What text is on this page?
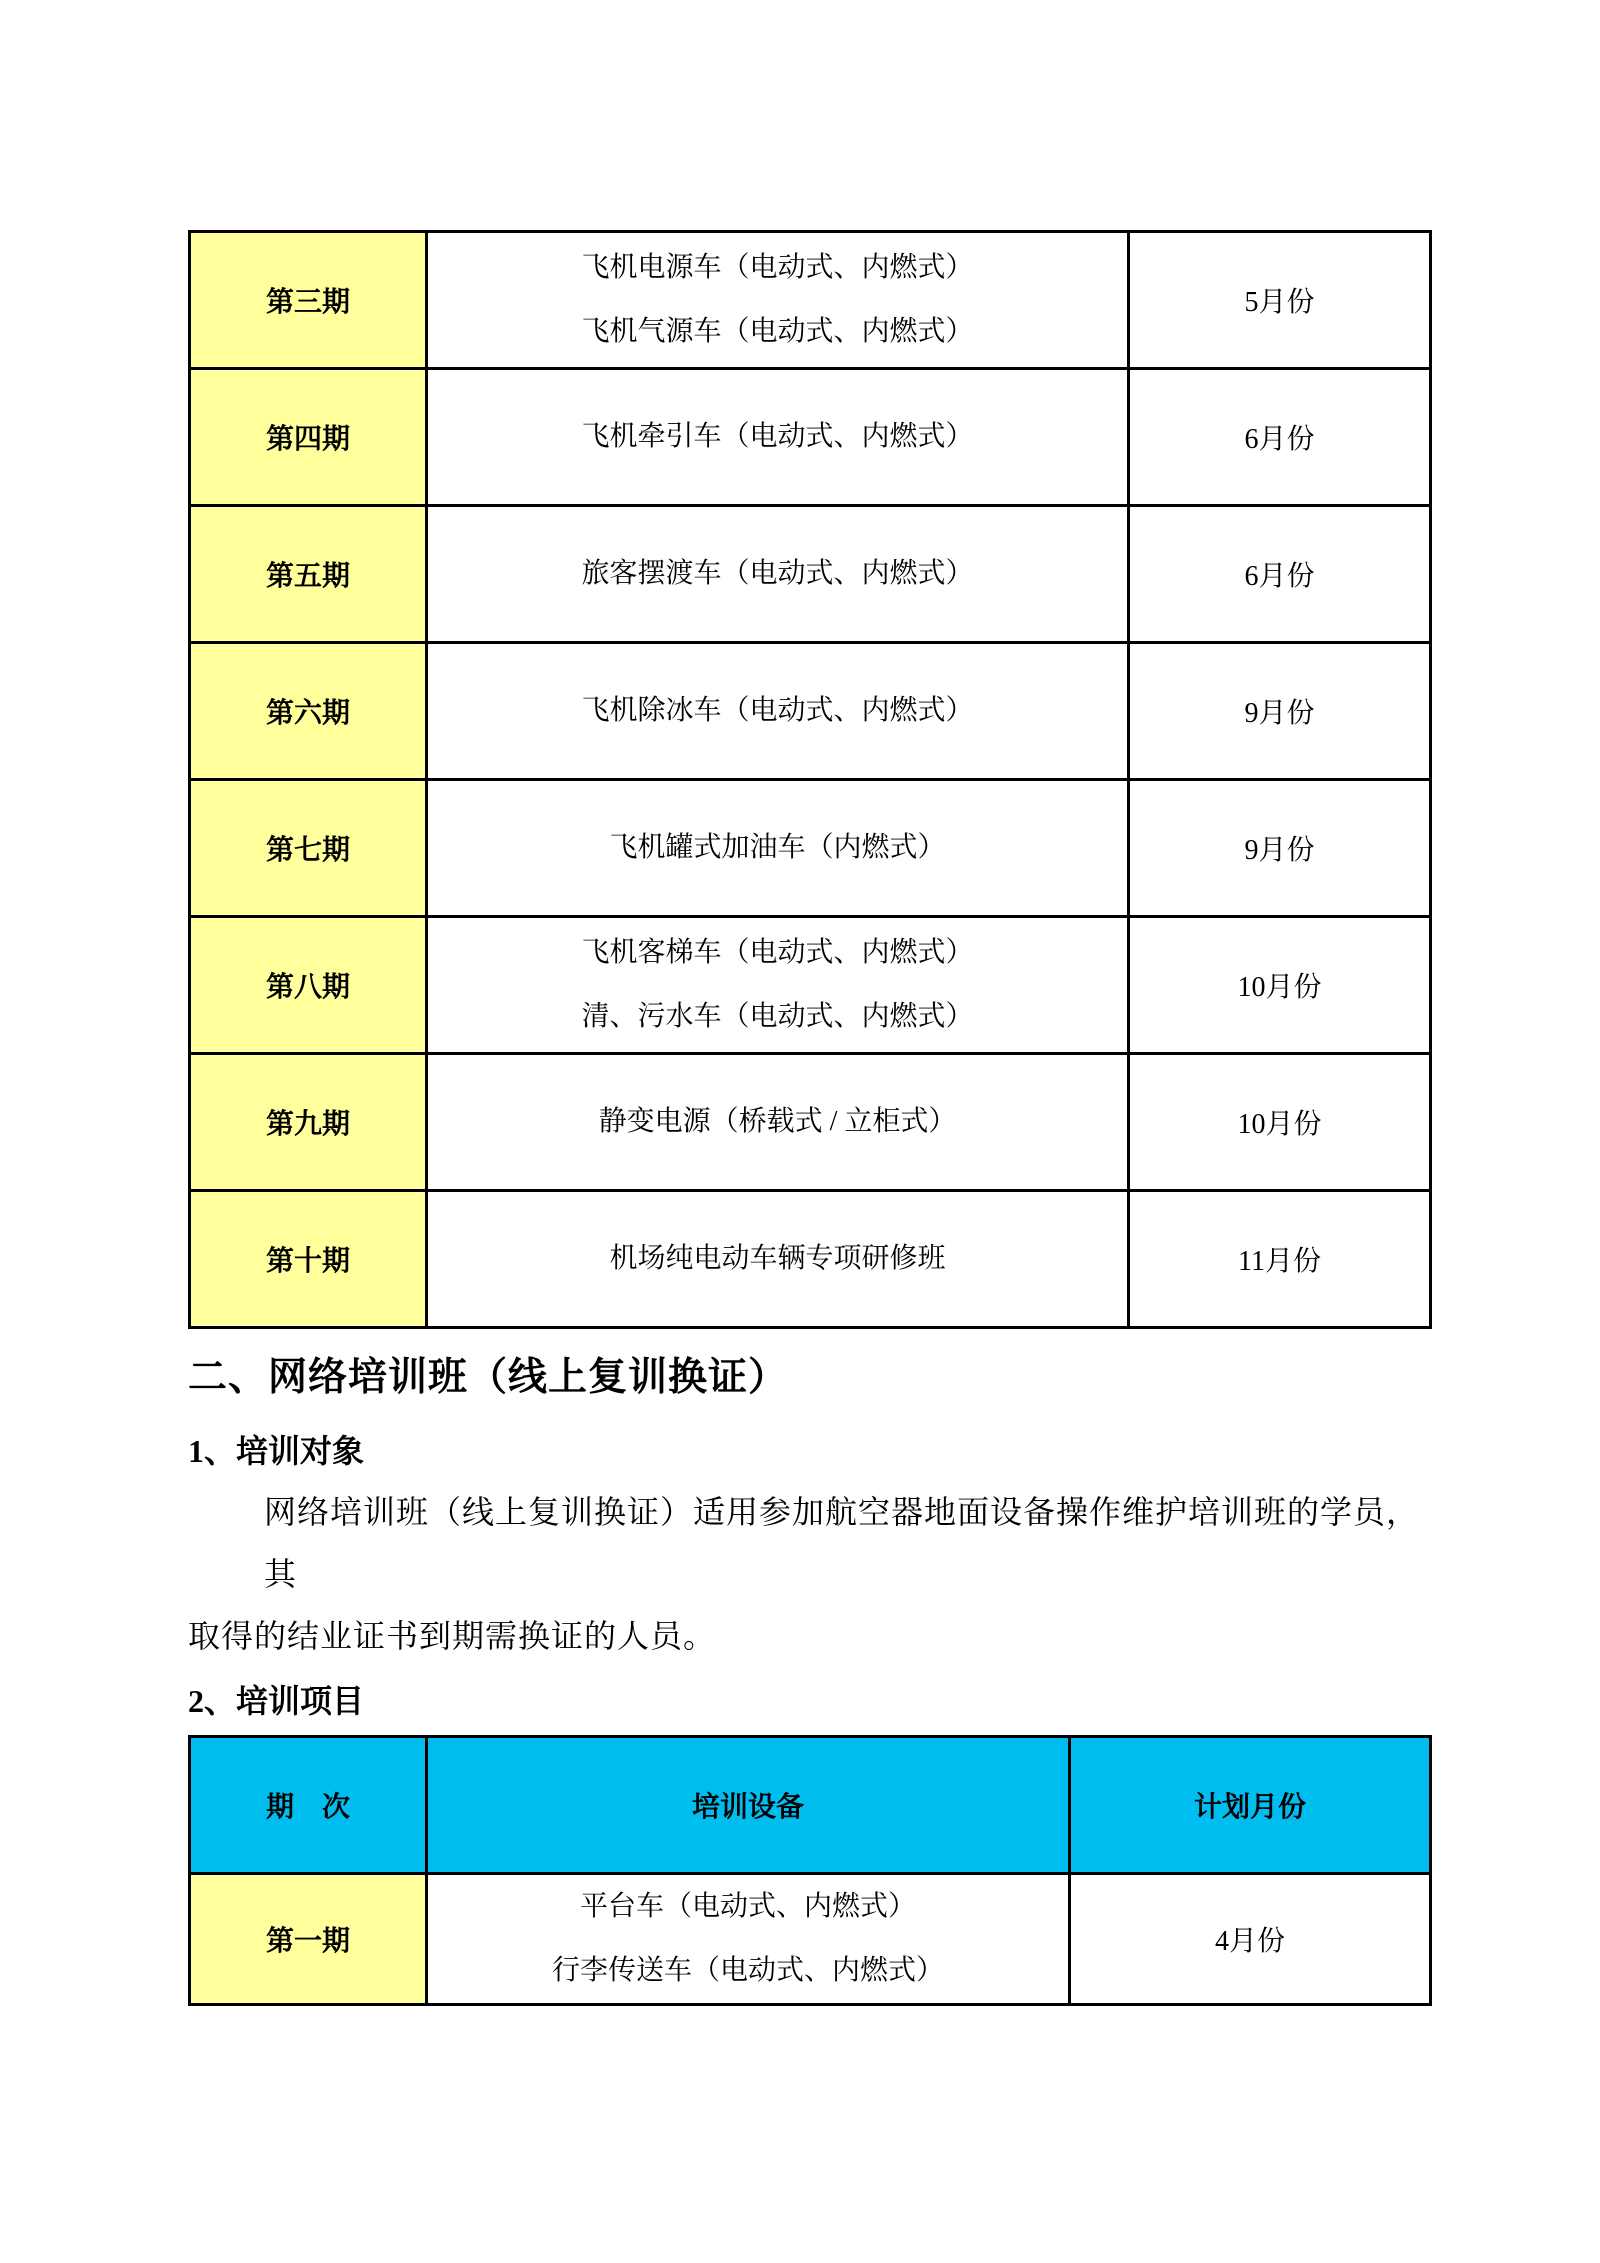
第三期	飞机电源车（电动式、内燃式）
飞机气源车（电动式、内燃式）	5月份
第四期	飞机牵引车（电动式、内燃式）	6月份
第五期	旅客摆渡车（电动式、内燃式）	6月份
第六期	飞机除冰车（电动式、内燃式）	9月份
第七期	飞机罐式加油车（内燃式）	9月份
第八期	飞机客梯车（电动式、内燃式）
清、污水车（电动式、内燃式）	10月份
第九期	静变电源（桥载式 / 立柜式）	10月份
第十期	机场纯电动车辆专项研修班	11月份
二、网络培训班（线上复训换证）
1、培训对象

网络培训班（线上复训换证）适用参加航空器地面设备操作维护培训班的学员，其
取得的结业证书到期需换证的人员。

2、培训项目
期　次	培训设备	计划月份
第一期	平台车（电动式、内燃式）
行李传送车（电动式、内燃式）	4月份
